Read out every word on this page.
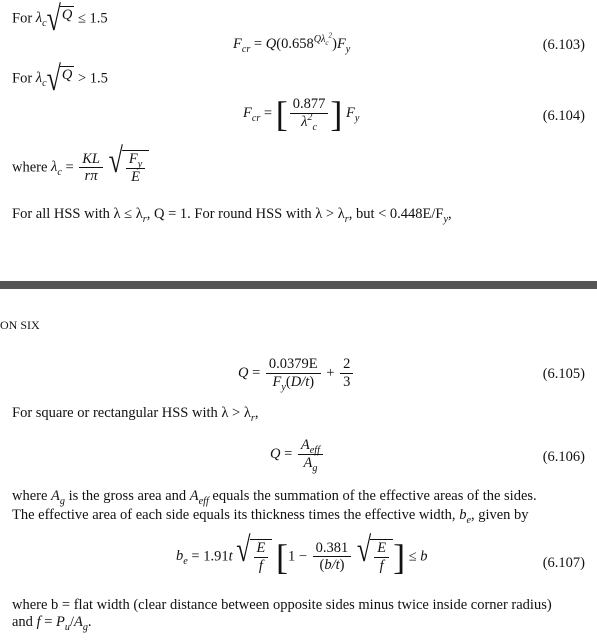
For $\lambda_c$ √ Q ≤ 1.5
$F_{cr} = Q(0.658^{Q\lambda_c^2})F_y$	(6.103)
For $\lambda_c$ √ Q > 1.5
$F_{cr}$ = [ $\frac{0.877}{\lambda^2_c}$ ] $F_y$	(6.104)
where $\lambda_c = \frac{KL}{r\pi}$
√ $\frac{F_y}{E}$
For all HSS with $\lambda \le \lambda_r$, Q = 1. For round HSS with $\lambda > \lambda_r$, but < $0.448E/F_y$,
ON SIX
$Q = \frac{0.0379E}{F_y(D/t)} + \frac{2}{3}$	(6.105)
For square or rectangular HSS with $\lambda > \lambda_r$,
$Q = \frac{A_{eff}}{A_g}$	(6.106)
where $A_g$ is the gross area and $A_{eff}$ equals the summation of the effective areas of the sides.
The effective area of each side equals its thickness times the effective width, $b_e$, given by
$b_e = 1.91t$ √ $\frac{E}{f} [1 - \frac{0.381}{(b/t)}$
√ $\frac{E}{f}$ ] ≤ b	(6.107)
where b = flat width (clear distance between opposite sides minus twice inside corner radius)
and $f = P_u/A_g$.
